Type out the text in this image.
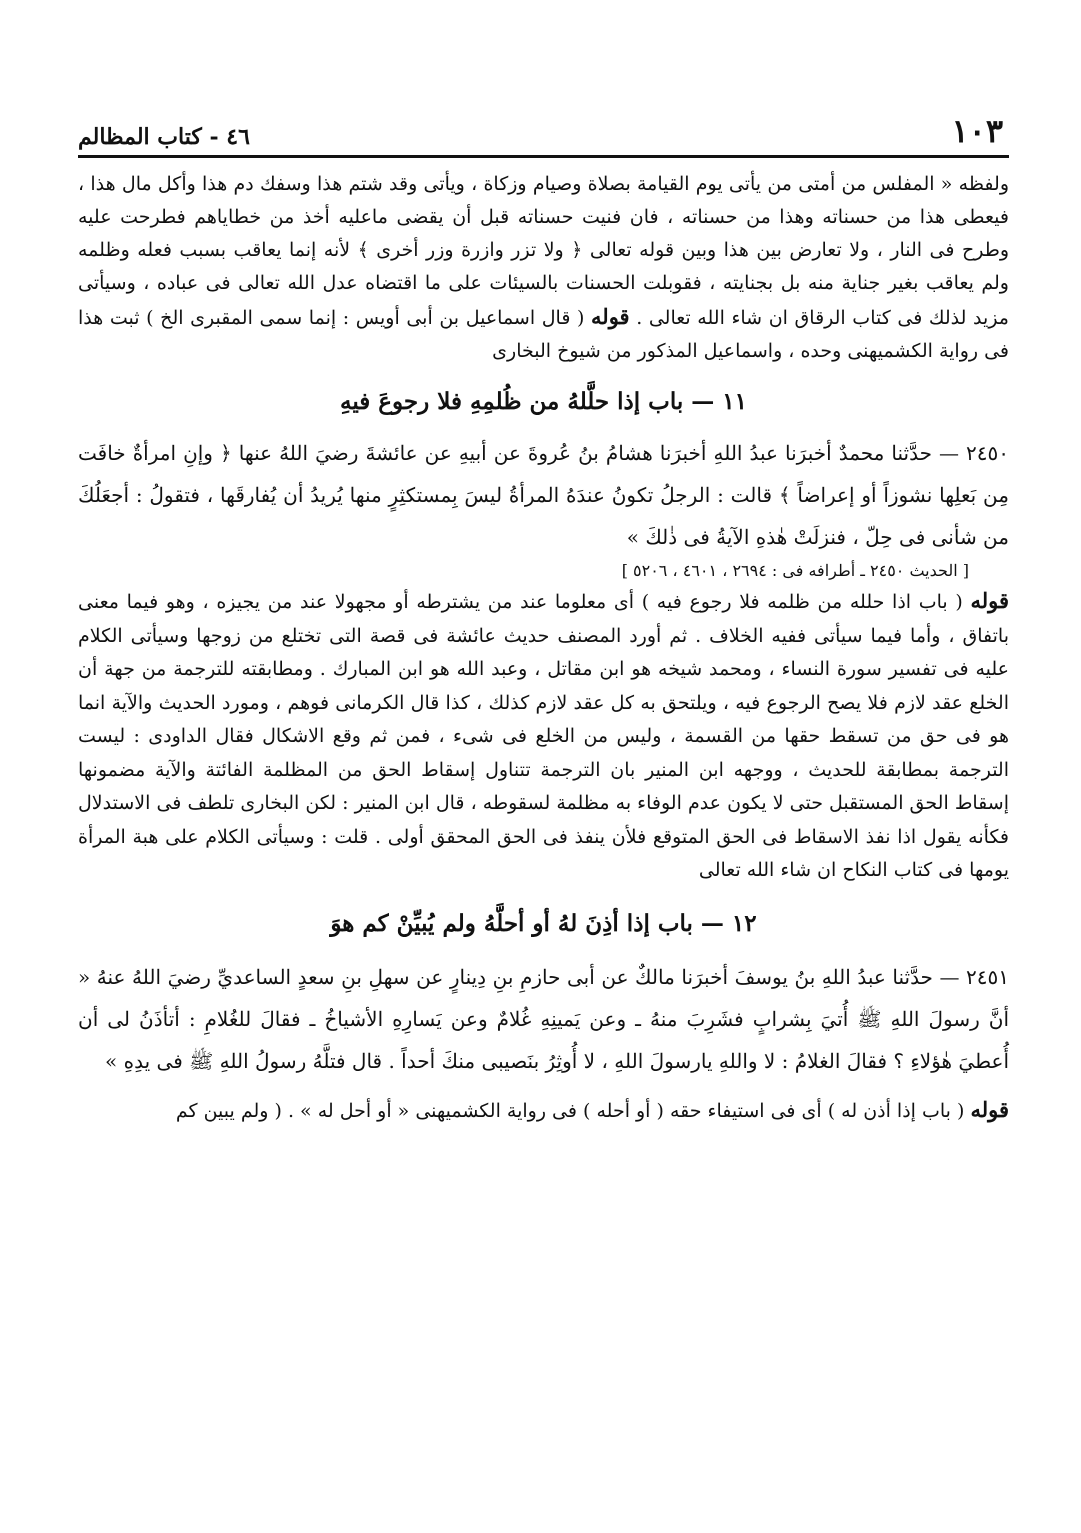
٤٦ - كتاب المظالم	١٠٣

ولفظه « المفلس من أمتى من يأتى يوم القيامة بصلاة وصيام وزكاة ، ويأتى وقد شتم هذا وسفك دم هذا وأكل مال هذا ، فيعطى هذا من حسناته وهذا من حسناته ، فان فنيت حسناته قبل أن يقضى ماعليه أخذ من خطاياهم فطرحت عليه وطرح فى النار ، ولا تعارض بين هذا وبين قوله تعالى ﴿ ولا تزر وازرة وزر أخرى ﴾ لأنه إنما يعاقب بسبب فعله وظلمه ولم يعاقب بغير جناية منه بل بجنايته ، فقوبلت الحسنات بالسيئات على ما اقتضاه عدل الله تعالى فى عباده ، وسيأتى مزيد لذلك فى كتاب الرقاق ان شاء الله تعالى . قوله ( قال اسماعيل بن أبى أويس : إنما سمى المقبرى الخ ) ثبت هذا فى رواية الكشميهنى وحده ، واسماعيل المذكور من شيوخ البخارى

١١ — باب إذا حلَّلهُ من ظُلمِهِ فلا رجوعَ فيهِ

٢٤٥٠ — حدَّثنا محمدٌ أخبرَنا عبدُ اللهِ أخبرَنا هشامُ بنُ عُروةَ عن أبيهِ عن عائشةَ رضيَ اللهُ عنها ﴿ وإنِ امرأةٌ خافَت مِن بَعلِها نشوزاً أو إعراضاً ﴾ قالت : الرجلُ تكونُ عندَهُ المرأةُ ليسَ بِمستكثِرٍ منها يُريدُ أن يُفارقَها ، فتقولُ : أجعَلُكَ من شأنى فى حِلّ ، فنزلَتْ هٰذهِ الآيةُ فى ذٰلكَ »

[ الحديث ٢٤٥٠ ـ أطرافه فى : ٢٦٩٤ ، ٤٦٠١ ، ٥٢٠٦ ]

قوله ( باب اذا حلله من ظلمه فلا رجوع فيه ) أى معلوما عند من يشترطه أو مجهولا عند من يجيزه ، وهو فيما معنى باتفاق ، وأما فيما سيأتى ففيه الخلاف . ثم أورد المصنف حديث عائشة فى قصة التى تختلع من زوجها وسيأتى الكلام عليه فى تفسير سورة النساء ، ومحمد شيخه هو ابن مقاتل ، وعبد الله هو ابن المبارك . ومطابقته للترجمة من جهة أن الخلع عقد لازم فلا يصح الرجوع فيه ، ويلتحق به كل عقد لازم كذلك ، كذا قال الكرمانى فوهم ، ومورد الحديث والآية انما هو فى حق من تسقط حقها من القسمة ، وليس من الخلع فى شىء ، فمن ثم وقع الاشكال فقال الداودى : ليست الترجمة بمطابقة للحديث ، ووجهه ابن المنير بان الترجمة تتناول إسقاط الحق من المظلمة الفائتة والآية مضمونها إسقاط الحق المستقبل حتى لا يكون عدم الوفاء به مظلمة لسقوطه ، قال ابن المنير : لكن البخارى تلطف فى الاستدلال فكأنه يقول اذا نفذ الاسقاط فى الحق المتوقع فلأن ينفذ فى الحق المحقق أولى . قلت : وسيأتى الكلام على هبة المرأة يومها فى كتاب النكاح ان شاء الله تعالى

١٢ — باب إذا أذِنَ لهُ أو أحلَّهُ ولم يُبيِّنْ كم هوَ

٢٤٥١ — حدَّثنا عبدُ اللهِ بنُ يوسفَ أخبرَنا مالكٌ عن أبى حازمِ بنِ دِينارٍ عن سهلِ بنِ سعدٍ الساعديِّ رضيَ اللهُ عنهُ « أنَّ رسولَ اللهِ ﷺ أُتيَ بِشرابٍ فشَرِبَ منهُ ـ وعن يَمينِهِ غُلامٌ وعن يَسارِهِ الأشياخُ ـ فقالَ للغُلامِ : أتأذَنُ لى أن أُعطيَ هٰؤلاءِ ؟ فقالَ الغلامُ : لا واللهِ يارسولَ اللهِ ، لا أُوثِرُ بنَصيبى منكَ أحداً . قال فتلَّهُ رسولُ اللهِ ﷺ فى يدِهِ »

قوله ( باب إذا أذن له ) أى فى استيفاء حقه ( أو أحله ) فى رواية الكشميهنى « أو أحل له » . ( ولم يبين كم
